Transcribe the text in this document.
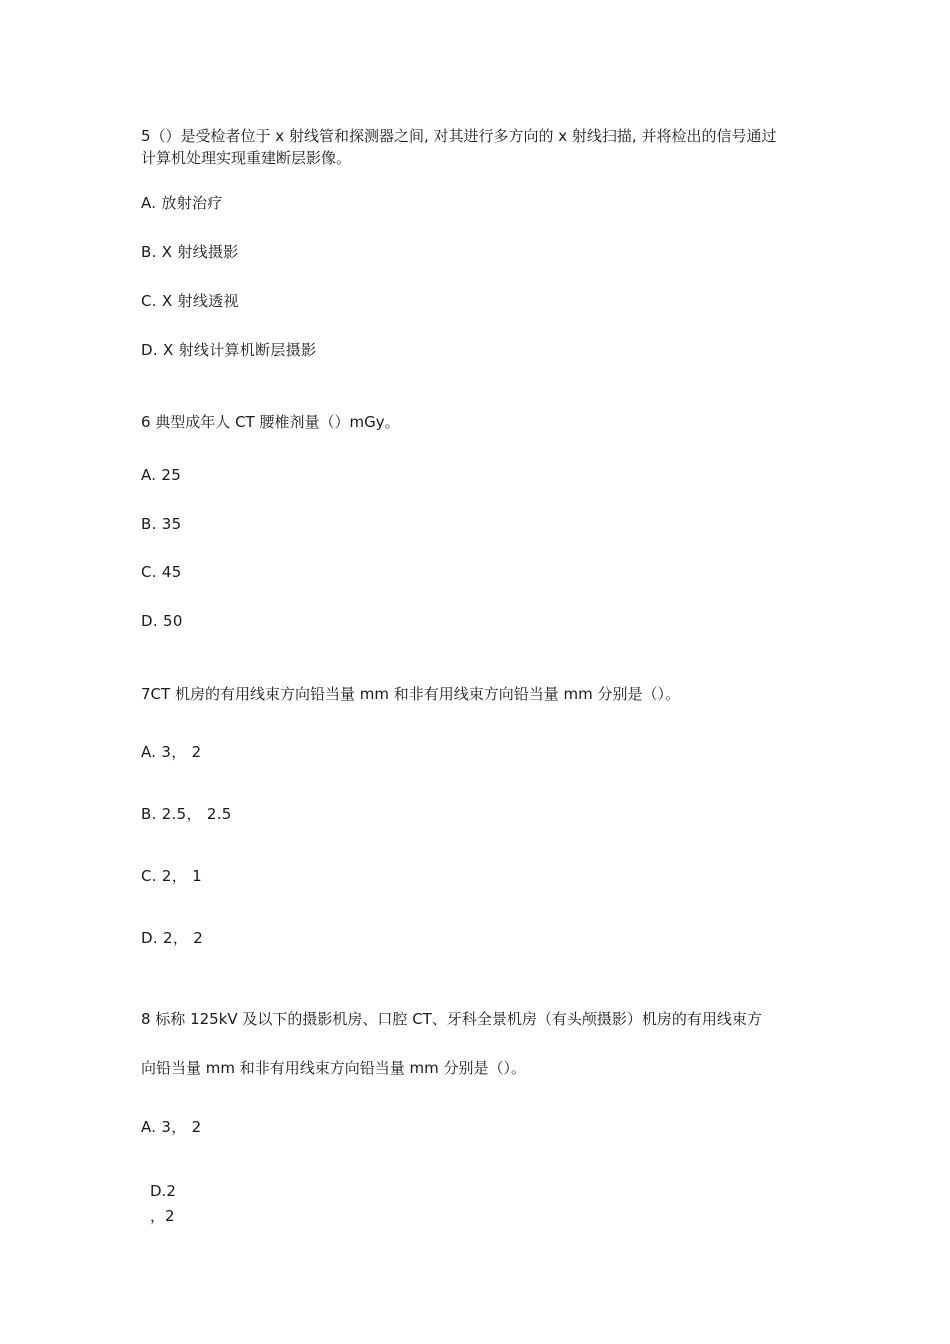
5（）是受检者位于 x 射线管和探测器之间, 对其进行多方向的 x 射线扫描, 并将检出的信号通过
计算机处理实现重建断层影像。
A. 放射治疗
B. X 射线摄影
C. X 射线透视
D. X 射线计算机断层摄影
6 典型成年人 CT 腰椎剂量（）mGy。
A. 25
B. 35
C. 45
D. 50
7CT 机房的有用线束方向铅当量 mm 和非有用线束方向铅当量 mm 分别是（）。
A. 3， 2
B. 2.5， 2.5
C. 2， 1
D. 2， 2
8 标称 125kV 及以下的摄影机房、口腔 CT、牙科全景机房（有头颅摄影）机房的有用线束方
向铅当量 mm 和非有用线束方向铅当量 mm 分别是（）。
A. 3， 2
D.2
，2
